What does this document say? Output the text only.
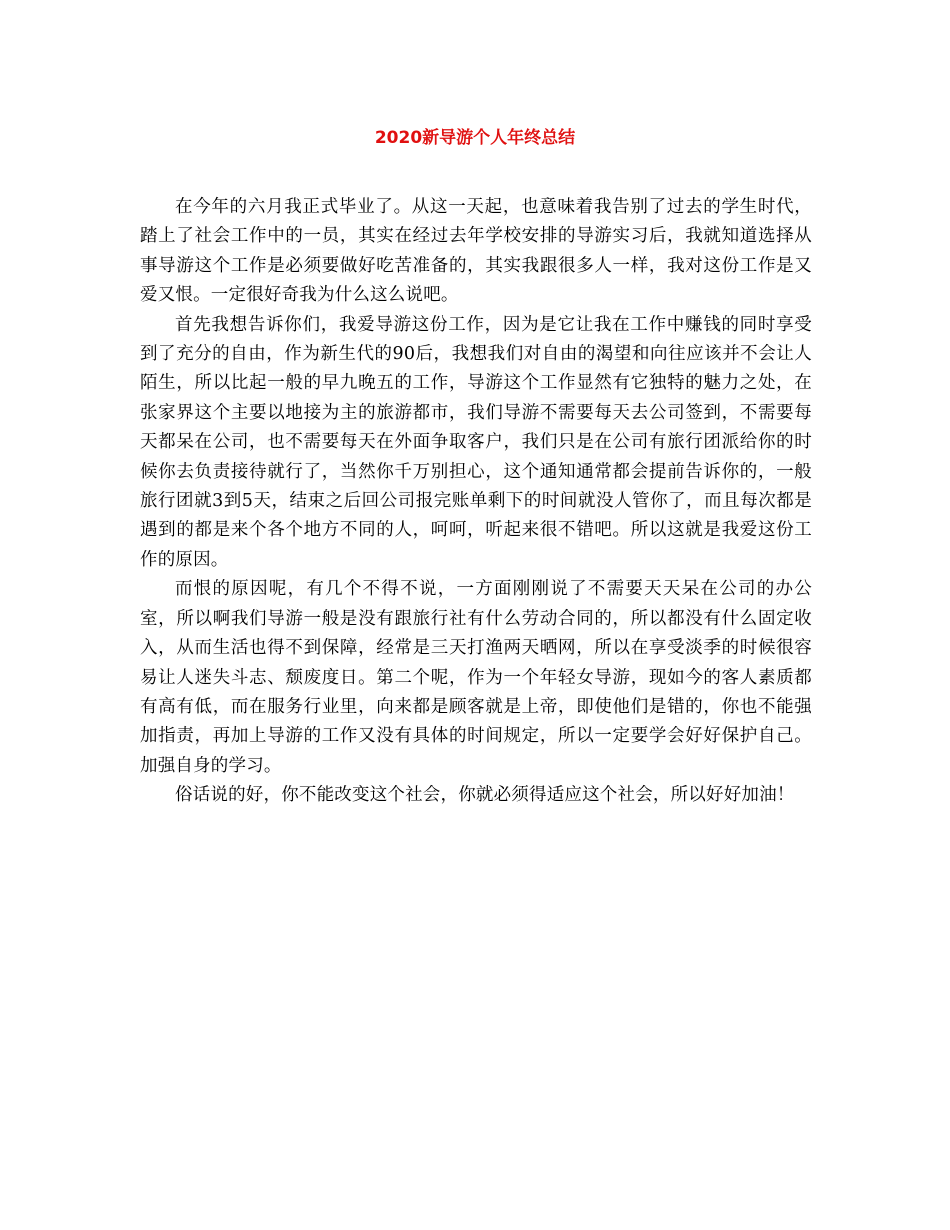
2020新导游个人年终总结

在今年的六月我正式毕业了。从这一天起，也意味着我告别了过去的学生时代，踏上了社会工作中的一员，其实在经过去年学校安排的导游实习后，我就知道选择从事导游这个工作是必须要做好吃苦准备的，其实我跟很多人一样，我对这份工作是又爱又恨。一定很好奇我为什么这么说吧。

首先我想告诉你们，我爱导游这份工作，因为是它让我在工作中赚钱的同时享受到了充分的自由，作为新生代的90后，我想我们对自由的渴望和向往应该并不会让人陌生，所以比起一般的早九晚五的工作，导游这个工作显然有它独特的魅力之处，在张家界这个主要以地接为主的旅游都市，我们导游不需要每天去公司签到，不需要每天都呆在公司，也不需要每天在外面争取客户，我们只是在公司有旅行团派给你的时候你去负责接待就行了，当然你千万别担心，这个通知通常都会提前告诉你的，一般旅行团就3到5天，结束之后回公司报完账单剩下的时间就没人管你了，而且每次都是遇到的都是来个各个地方不同的人，呵呵，听起来很不错吧。所以这就是我爱这份工作的原因。

而恨的原因呢，有几个不得不说，一方面刚刚说了不需要天天呆在公司的办公室，所以啊我们导游一般是没有跟旅行社有什么劳动合同的，所以都没有什么固定收入，从而生活也得不到保障，经常是三天打渔两天晒网，所以在享受淡季的时候很容易让人迷失斗志、颓废度日。第二个呢，作为一个年轻女导游，现如今的客人素质都有高有低，而在服务行业里，向来都是顾客就是上帝，即使他们是错的，你也不能强加指责，再加上导游的工作又没有具体的时间规定，所以一定要学会好好保护自己。加强自身的学习。

俗话说的好，你不能改变这个社会，你就必须得适应这个社会，所以好好加油！
